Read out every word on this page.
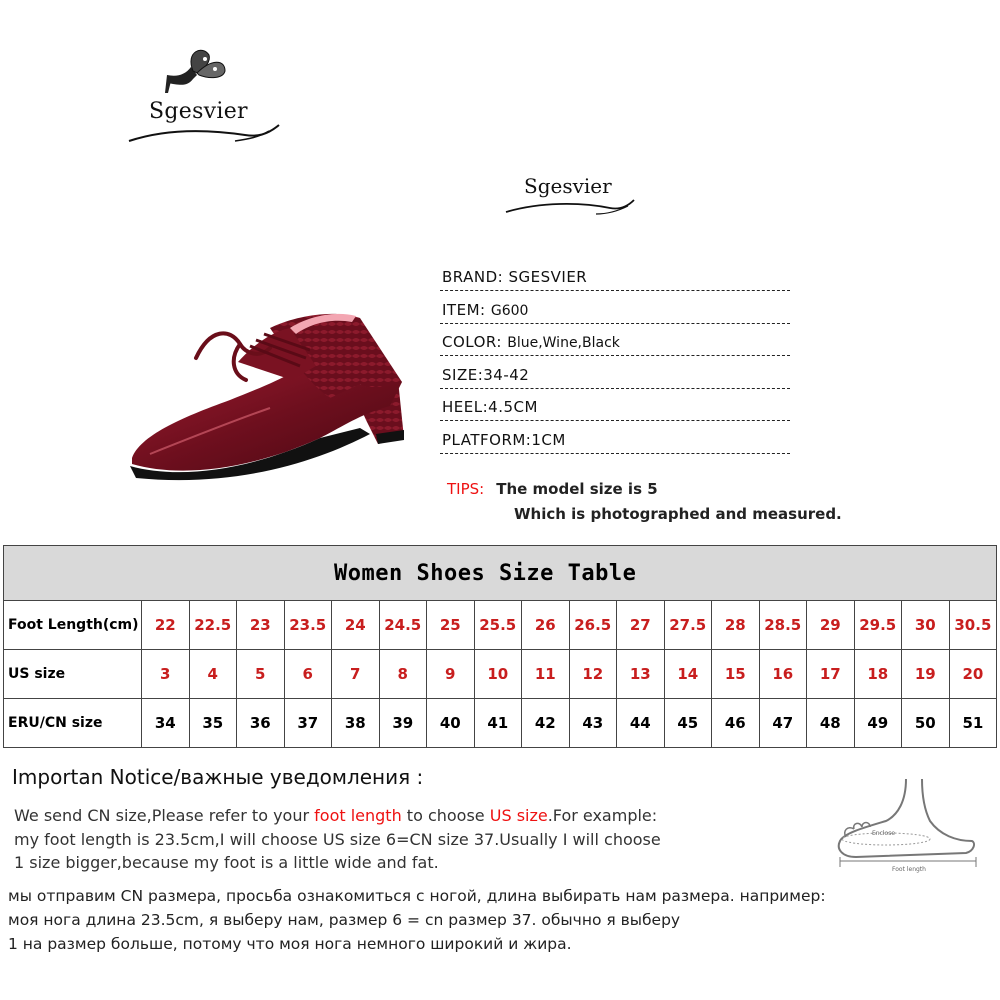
Sgesvier
Sgesvier
BRAND: SGESVIER
ITEM: G600
COLOR: Blue,Wine,Black
SIZE:34-42
HEEL:4.5CM
PLATFORM:1CM
TIPS: The model size is 5
Which is photographed and measured.
Women Shoes Size Table																		
Foot Length(cm)	22	22.5	23	23.5	24	24.5	25	25.5	26	26.5	27	27.5	28	28.5	29	29.5	30	30.5
US size	3	4	5	6	7	8	9	10	11	12	13	14	15	16	17	18	19	20
ERU/CN size	34	35	36	37	38	39	40	41	42	43	44	45	46	47	48	49	50	51
Importan Notice/важные уведомления :
We send CN size,Please refer to your foot length to choose US size.For example:
my foot length is 23.5cm,I will choose US size 6=CN size 37.Usually I will choose
1 size bigger,because my foot is a little wide and fat.
мы отправим CN размера, просьба ознакомиться с ногой, длина выбирать нам размера. например:
моя нога длина 23.5cm, я выберу нам, размер 6 = cn размер 37. обычно я выберу
1 на размер больше, потому что моя нога немного широкий и жира.
Enclose
Foot length
